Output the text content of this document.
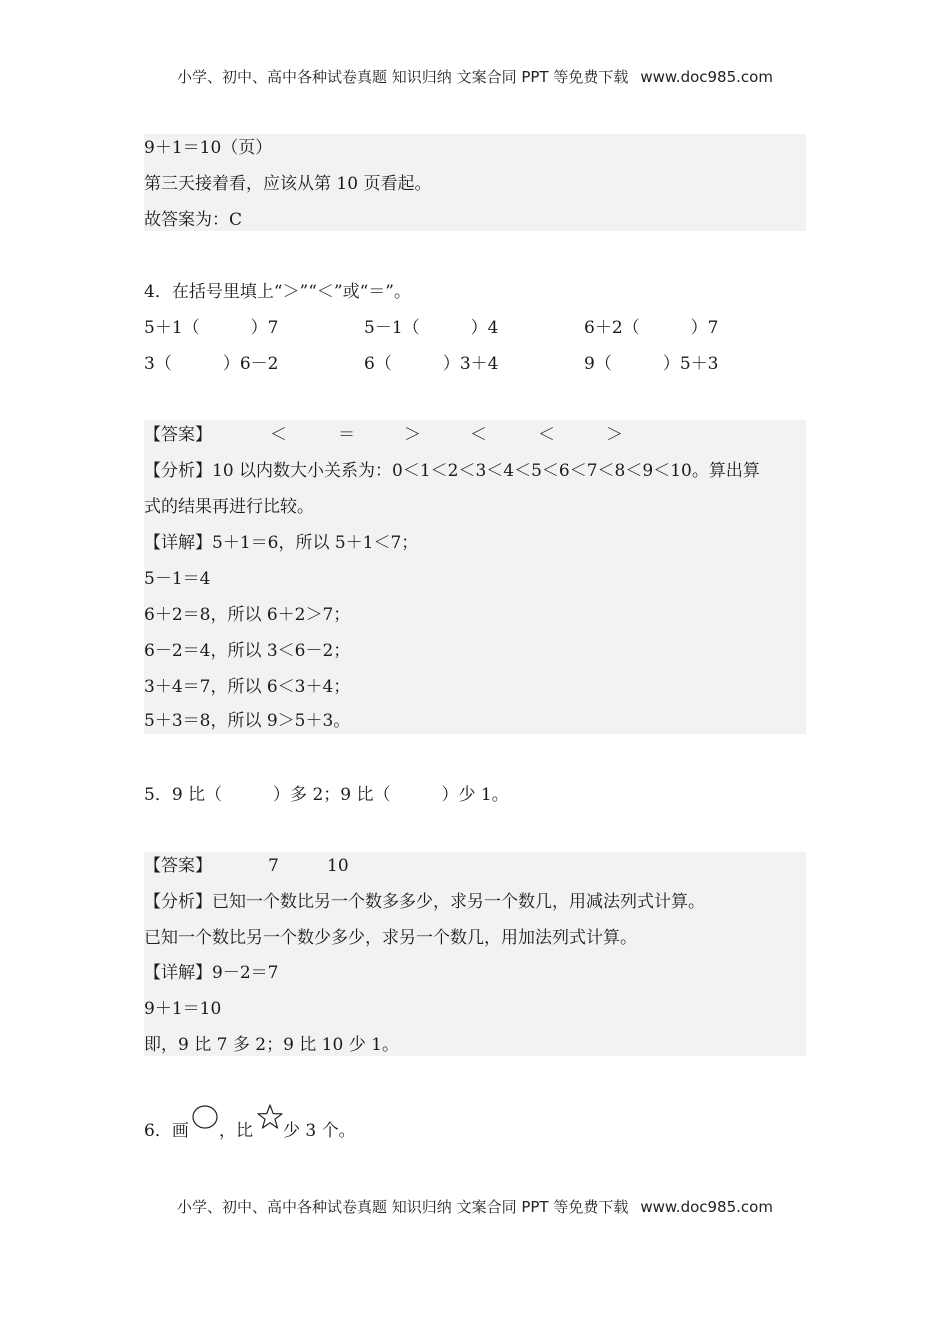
小学、初中、高中各种试卷真题 知识归纳 文案合同 PPT 等免费下载 www.doc985.com
9＋1＝10（页）
第三天接着看，应该从第 10 页看起。
故答案为：C
4．在括号里填上“＞”“＜”或“＝”。
5＋1（　　　）7	5－1（　　　）4	6＋2（　　　）7
3（　　　）6－2	6（　　　）3＋4	9（　　　）5＋3
【答案】	＜	＝	＞	＜	＜	＞
【分析】10 以内数大小关系为：0＜1＜2＜3＜4＜5＜6＜7＜8＜9＜10。算出算
式的结果再进行比较。
【详解】5＋1＝6，所以 5＋1＜7；
5－1＝4
6＋2＝8，所以 6＋2＞7；
6－2＝4，所以 3＜6－2；
3＋4＝7，所以 6＜3＋4；
5＋3＝8，所以 9＞5＋3。
5．9 比（　　　）多 2；9 比（　　　）少 1。
【答案】	7	10
【分析】已知一个数比另一个数多多少，求另一个数几，用减法列式计算。
已知一个数比另一个数少多少，求另一个数几，用加法列式计算。
【详解】9－2＝7
9＋1＝10
即，9 比 7 多 2；9 比 10 少 1。
6．画 ，比 少 3 个。
小学、初中、高中各种试卷真题 知识归纳 文案合同 PPT 等免费下载 www.doc985.com
